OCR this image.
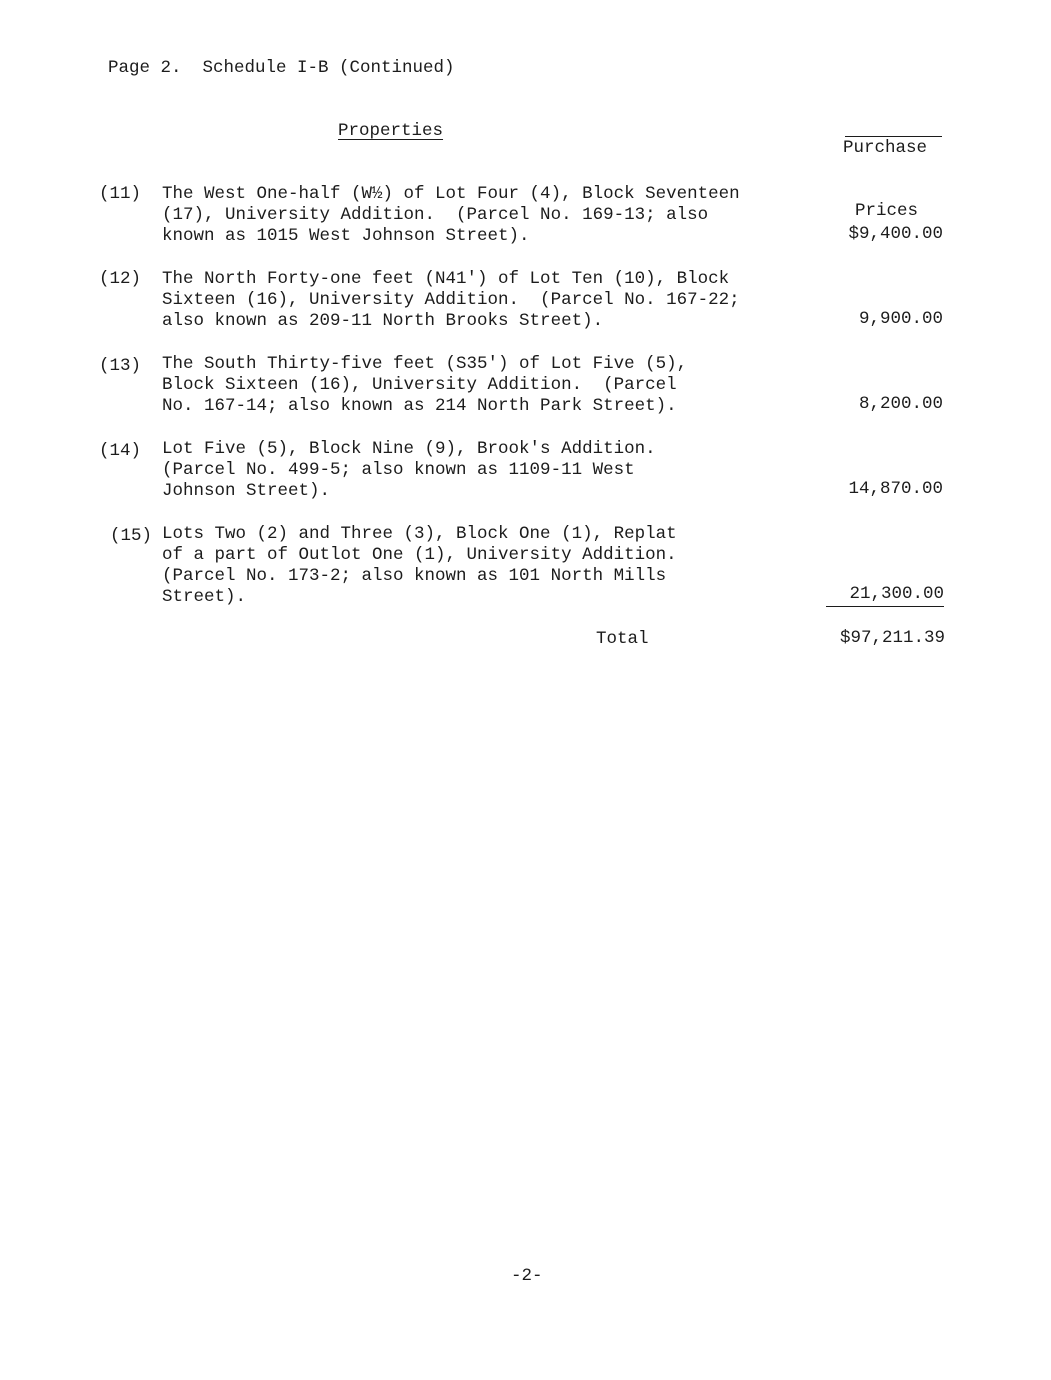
Page 2.  Schedule I-B (Continued)
Properties

Purchase

Prices

(11) The West One-half (W½) of Lot Four (4), Block Seventeen
(17), University Addition.  (Parcel No. 169-13; also
known as 1015 West Johnson Street).	$9,400.00
(12) The North Forty-one feet (N41') of Lot Ten (10), Block
Sixteen (16), University Addition.  (Parcel No. 167-22;
also known as 209-11 North Brooks Street).	9,900.00
(13) The South Thirty-five feet (S35') of Lot Five (5),
Block Sixteen (16), University Addition.  (Parcel
No. 167-14; also known as 214 North Park Street).	8,200.00
(14) Lot Five (5), Block Nine (9), Brook's Addition.
(Parcel No. 499-5; also known as 1109-11 West
Johnson Street).	14,870.00
(15) Lots Two (2) and Three (3), Block One (1), Replat
of a part of Outlot One (1), University Addition.
(Parcel No. 173-2; also known as 101 North Mills
Street).	21,300.00
Total	$97,211.39
-2-
